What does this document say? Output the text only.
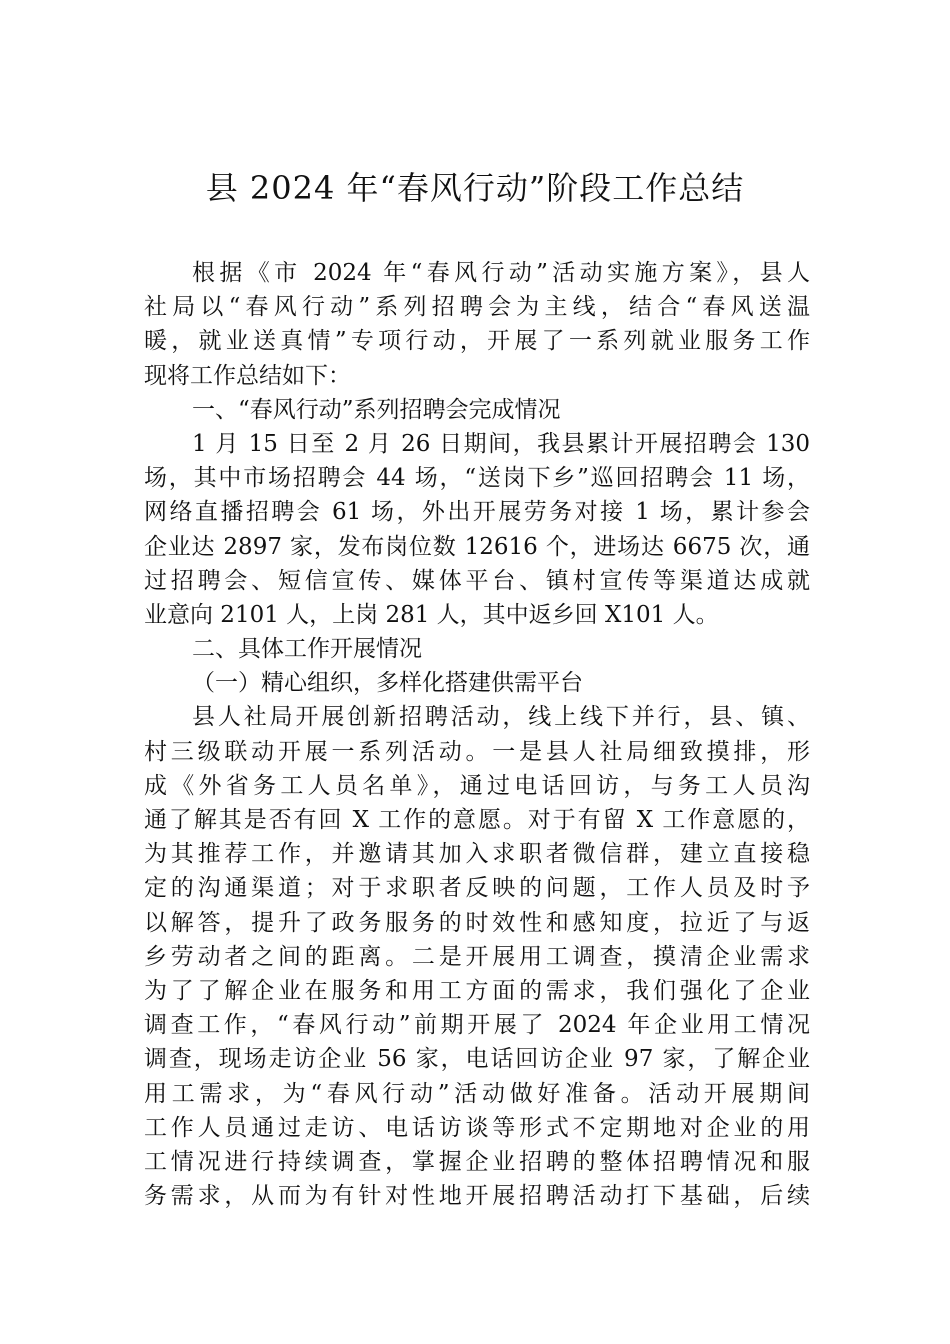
县 2024 年“春风行动”阶段工作总结
根据《市 2024 年“春风行动”活动实施方案》，县人
社局以“春风行动”系列招聘会为主线，结合“春风送温
暖，就业送真情”专项行动，开展了一系列就业服务工作
现将工作总结如下：
一、“春风行动”系列招聘会完成情况
1 月 15 日至 2 月 26 日期间，我县累计开展招聘会 130
场，其中市场招聘会 44 场，“送岗下乡”巡回招聘会 11 场，
网络直播招聘会 61 场，外出开展劳务对接 1 场，累计参会
企业达 2897 家，发布岗位数 12616 个，进场达 6675 次，通
过招聘会、短信宣传、媒体平台、镇村宣传等渠道达成就
业意向 2101 人，上岗 281 人，其中返乡回 X101 人。
二、具体工作开展情况
（一）精心组织，多样化搭建供需平台
县人社局开展创新招聘活动，线上线下并行，县、镇、
村三级联动开展一系列活动。一是县人社局细致摸排，形
成《外省务工人员名单》，通过电话回访，与务工人员沟
通了解其是否有回 X 工作的意愿。对于有留 X 工作意愿的，
为其推荐工作，并邀请其加入求职者微信群，建立直接稳
定的沟通渠道；对于求职者反映的问题，工作人员及时予
以解答，提升了政务服务的时效性和感知度，拉近了与返
乡劳动者之间的距离。二是开展用工调查，摸清企业需求
为了了解企业在服务和用工方面的需求，我们强化了企业
调查工作，“春风行动”前期开展了 2024 年企业用工情况
调查，现场走访企业 56 家，电话回访企业 97 家，了解企业
用工需求，为“春风行动”活动做好准备。活动开展期间
工作人员通过走访、电话访谈等形式不定期地对企业的用
工情况进行持续调查，掌握企业招聘的整体招聘情况和服
务需求，从而为有针对性地开展招聘活动打下基础，后续
